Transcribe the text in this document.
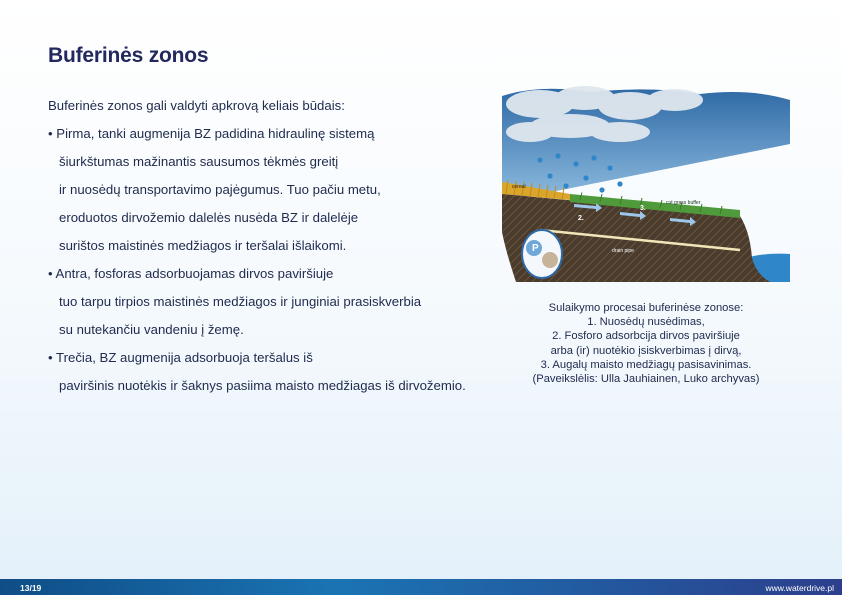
Buferinės zonos
Buferinės zonos gali valdyti apkrovą keliais būdais:
• Pirma, tanki augmenija BZ padidina hidraulinę sistemą
šiurkštumas mažinantis sausumos tėkmės greitį
ir nuosėdų transportavimo pajėgumus. Tuo pačiu metu,
eroduotos dirvožemio dalelės nusėda BZ ir dalelėje
surištos maistinės medžiagos ir teršalai išlaikomi.
• Antra, fosforas adsorbuojamas dirvos paviršiuje
tuo tarpu tirpios maistinės medžiagos ir junginiai prasiskverbia
su nutekančiu vandeniu į žemę.
• Trečia, BZ augmenija adsorbuoja teršalus iš
paviršinis nuotėkis ir šaknys pasiima maisto medžiagas iš dirvožemio.
P
cereal
cut grass buffer
drain pipe
1.
2.
3.
Sulaikymo procesai buferinėse zonose:
1. Nuosėdų nusėdimas,
2. Fosforo adsorbcija dirvos paviršiuje
arba (ir) nuotėkio įsiskverbimas į dirvą,
3. Augalų maisto medžiagų pasisavinimas.
(Paveikslėlis: Ulla Jauhiainen, Luko archyvas)
13/19	www.waterdrive.pl
